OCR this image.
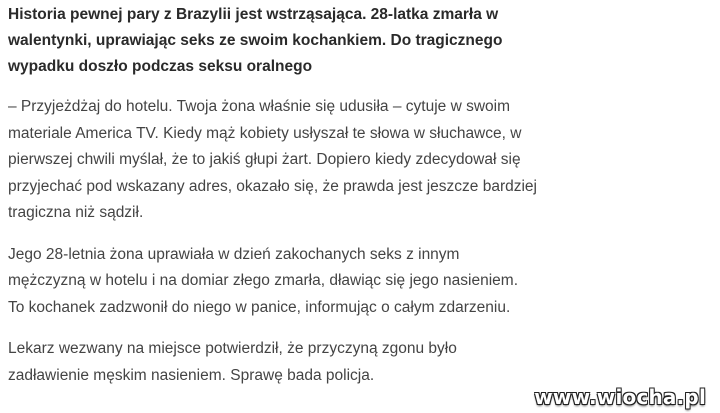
Historia pewnej pary z Brazylii jest wstrząsająca. 28-latka zmarła w
walentynki, uprawiając seks ze swoim kochankiem. Do tragicznego
wypadku doszło podczas seksu oralnego

– Przyjeżdżaj do hotelu. Twoja żona właśnie się udusiła – cytuje w swoim
materiale America TV. Kiedy mąż kobiety usłyszał te słowa w słuchawce, w
pierwszej chwili myślał, że to jakiś głupi żart. Dopiero kiedy zdecydował się
przyjechać pod wskazany adres, okazało się, że prawda jest jeszcze bardziej
tragiczna niż sądził.

Jego 28-letnia żona uprawiała w dzień zakochanych seks z innym
mężczyzną w hotelu i na domiar złego zmarła, dławiąc się jego nasieniem.
To kochanek zadzwonił do niego w panice, informując o całym zdarzeniu.

Lekarz wezwany na miejsce potwierdził, że przyczyną zgonu było
zadławienie męskim nasieniem. Sprawę bada policja.

www.wiocha.pl
